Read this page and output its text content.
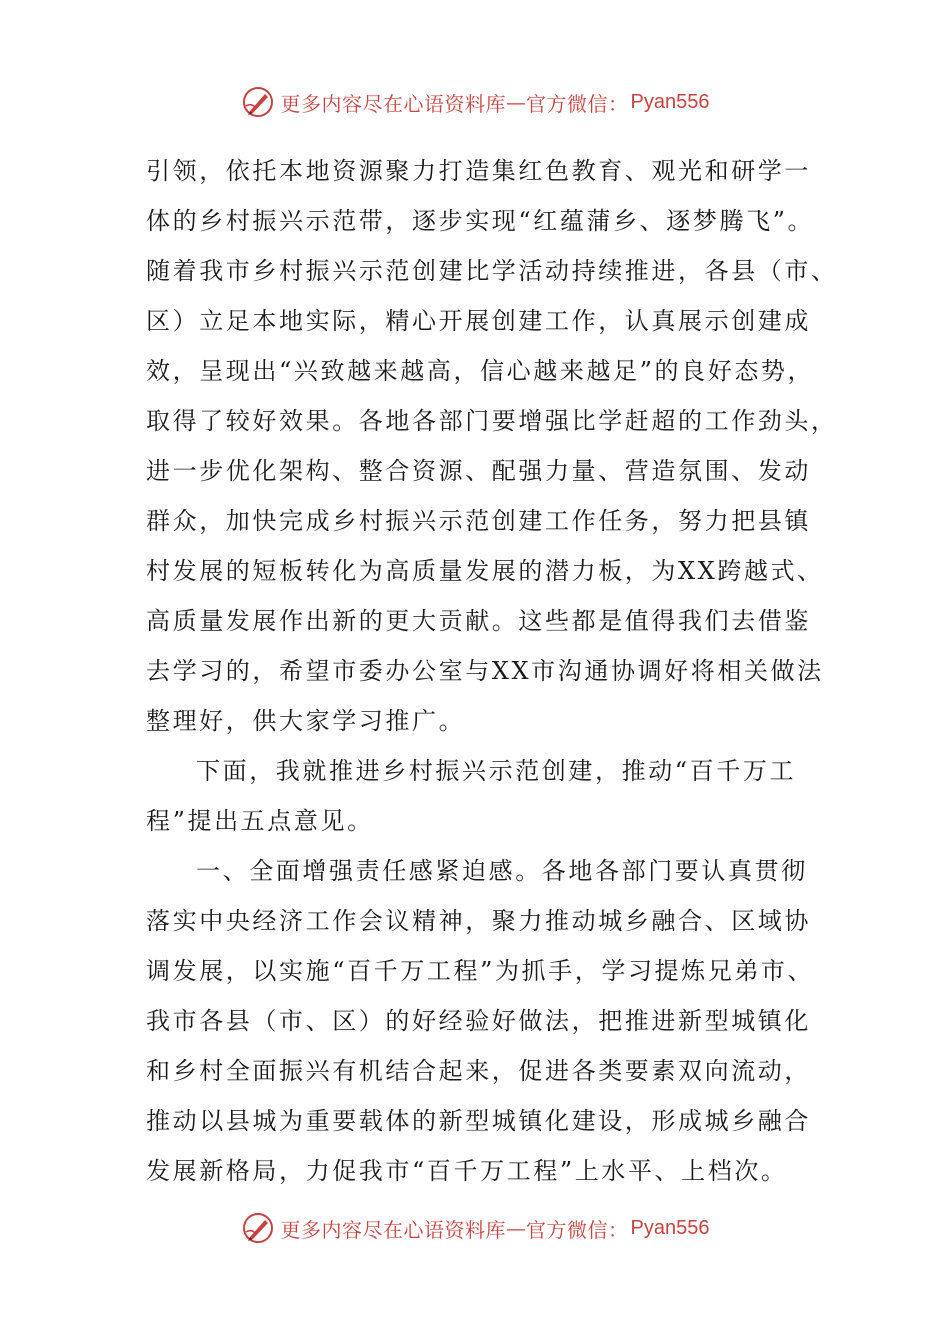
更多内容尽在心语资料库 — 官方微信： Pyan556
引领，依托本地资源聚力打造集红色教育、观光和研学一
体的乡村振兴示范带，逐步实现“红蕴蒲乡、逐梦腾飞”。
随着我市乡村振兴示范创建比学活动持续推进，各县（市、
区）立足本地实际，精心开展创建工作，认真展示创建成
效，呈现出“兴致越来越高，信心越来越足”的良好态势，
取得了较好效果。各地各部门要增强比学赶超的工作劲头，
进一步优化架构、整合资源、配强力量、营造氛围、发动
群众，加快完成乡村振兴示范创建工作任务，努力把县镇
村发展的短板转化为高质量发展的潜力板，为XX跨越式、
高质量发展作出新的更大贡献。这些都是值得我们去借鉴
去学习的，希望市委办公室与XX市沟通协调好将相关做法
整理好，供大家学习推广。
下面，我就推进乡村振兴示范创建，推动“百千万工
程”提出五点意见。
一、全面增强责任感紧迫感。各地各部门要认真贯彻
落实中央经济工作会议精神，聚力推动城乡融合、区域协
调发展，以实施“百千万工程”为抓手，学习提炼兄弟市、
我市各县（市、区）的好经验好做法，把推进新型城镇化
和乡村全面振兴有机结合起来，促进各类要素双向流动，
推动以县城为重要载体的新型城镇化建设，形成城乡融合
发展新格局，力促我市“百千万工程”上水平、上档次。
更多内容尽在心语资料库 — 官方微信： Pyan556
